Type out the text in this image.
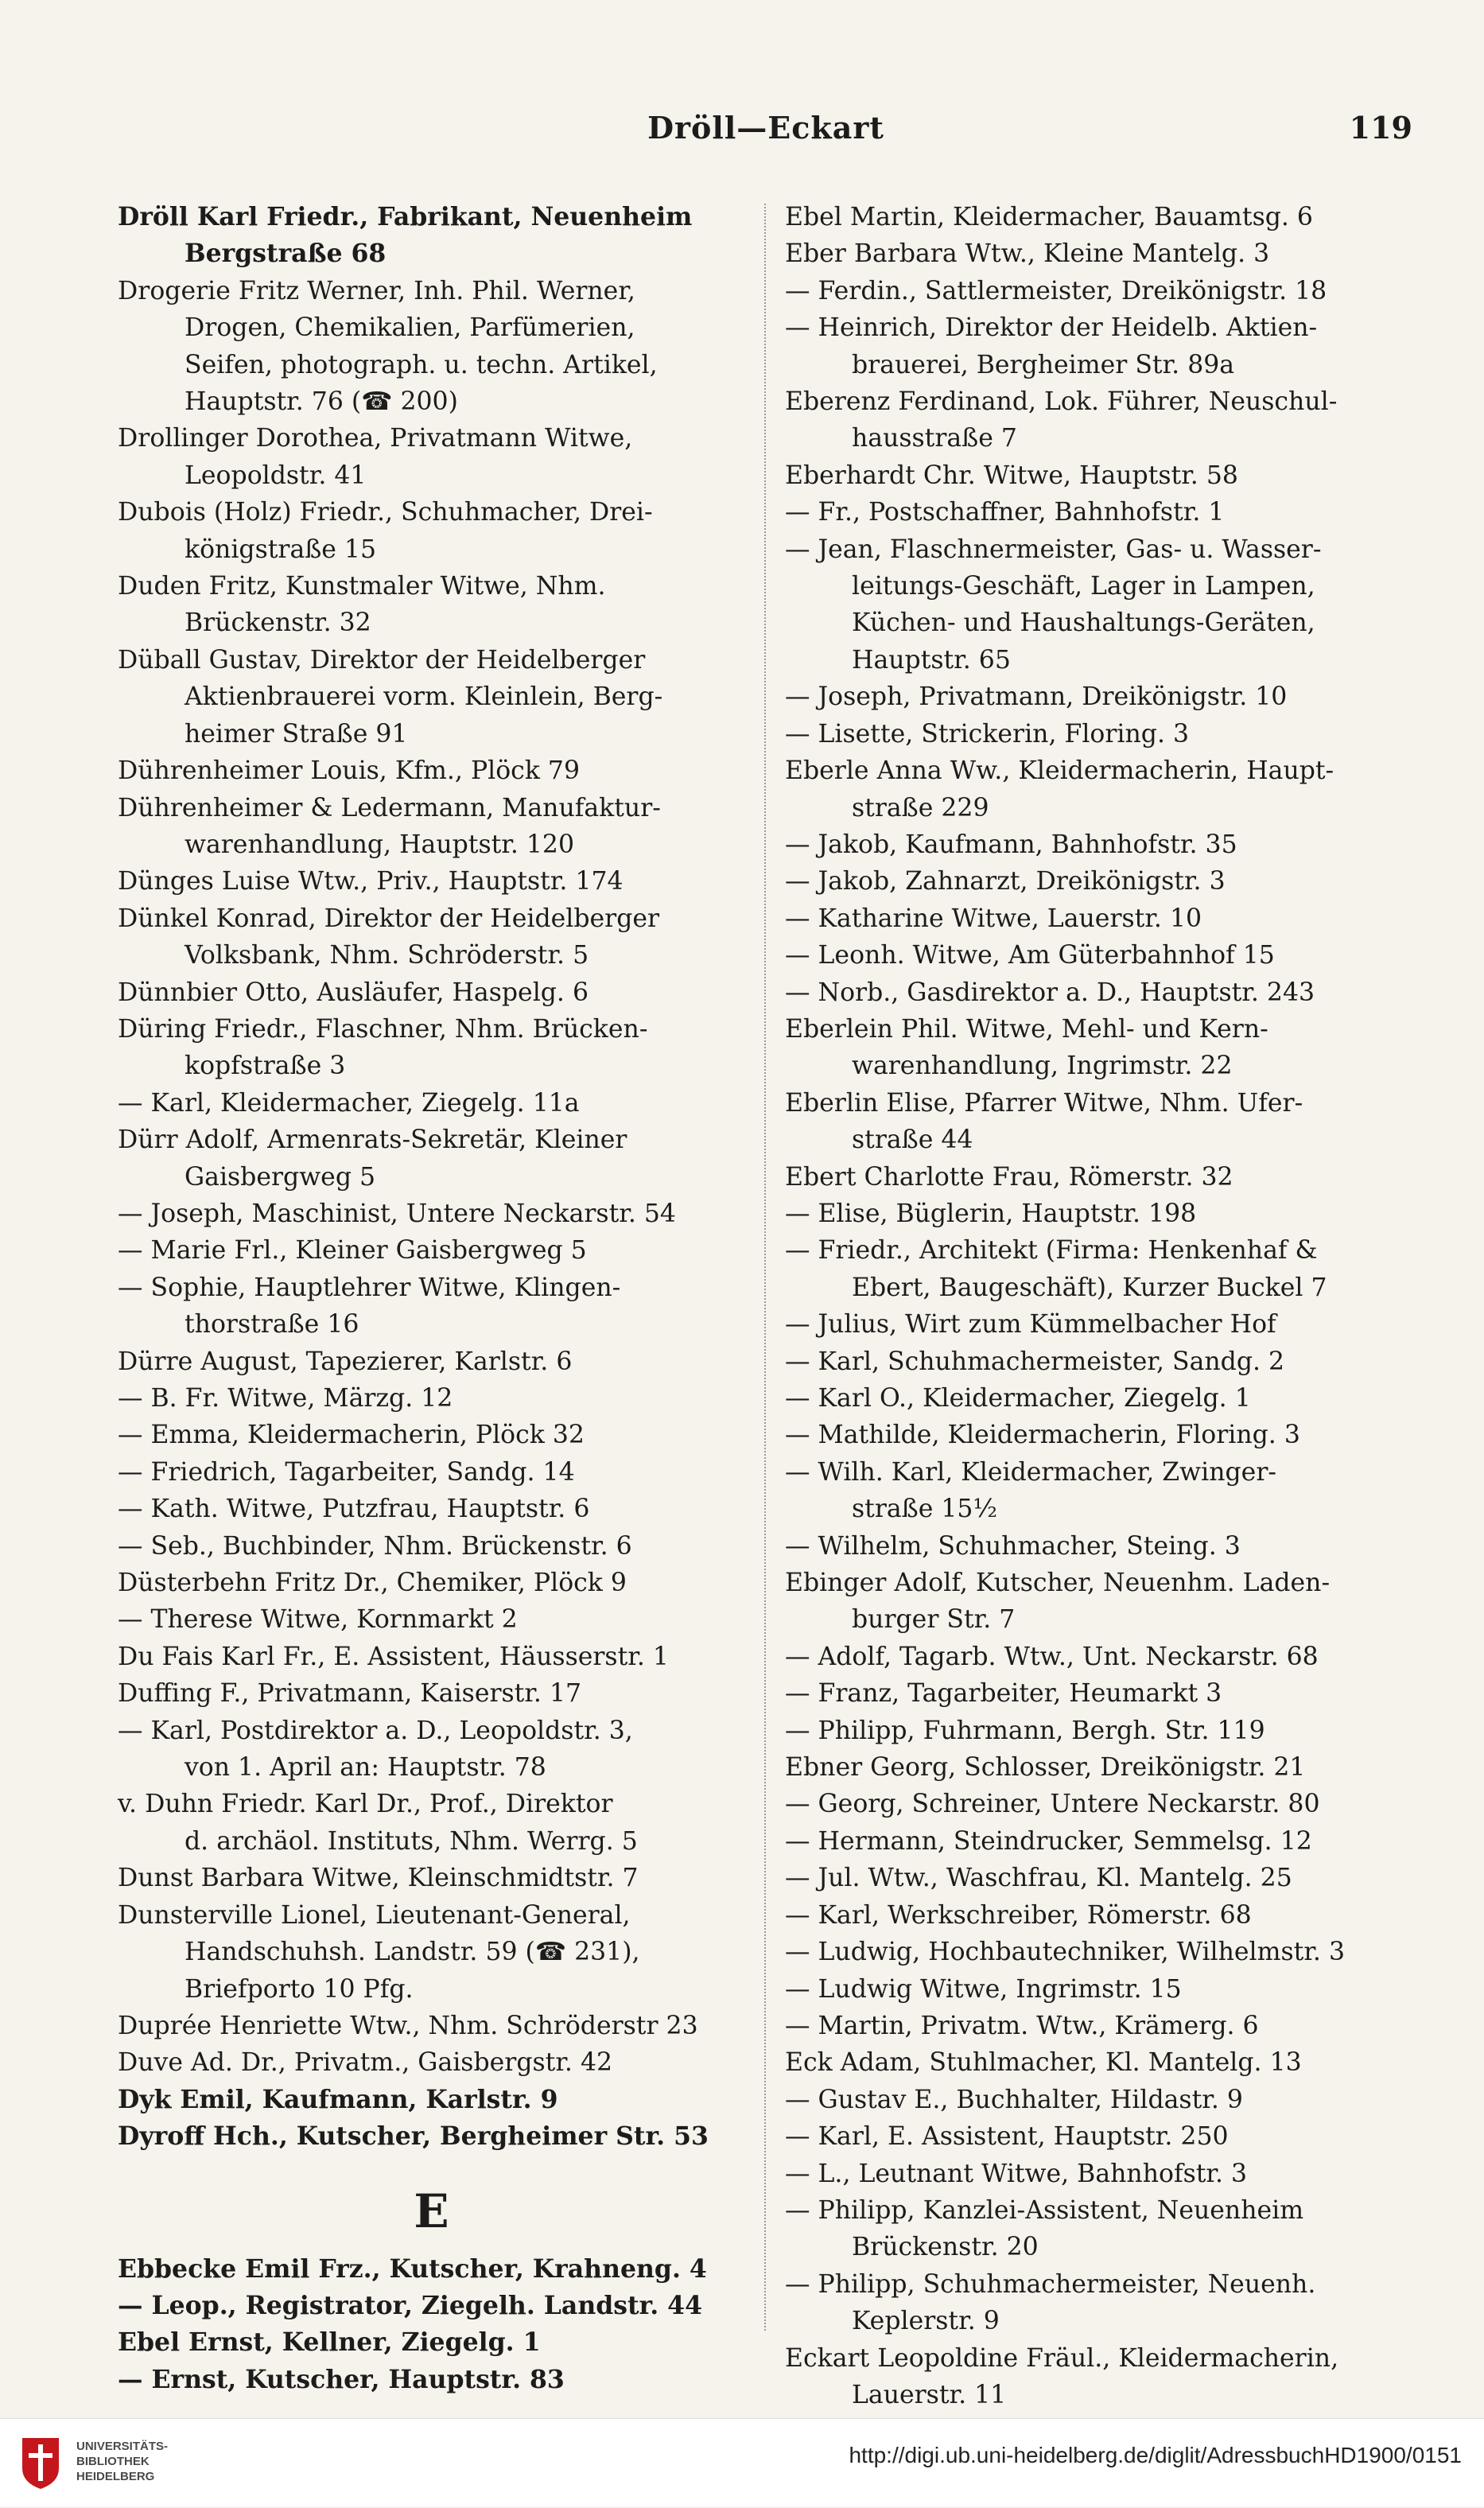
Dröll—Eckart	119
Dröll Karl Friedr., Fabrikant, Neuenheim
Bergstraße 68
Drogerie Fritz Werner, Inh. Phil. Werner,
Drogen, Chemikalien, Parfümerien,
Seifen, photograph. u. techn. Artikel,
Hauptstr. 76 (☎ 200)
Drollinger Dorothea, Privatmann Witwe,
Leopoldstr. 41
Dubois (Holz) Friedr., Schuhmacher, Drei-
königstraße 15
Duden Fritz, Kunstmaler Witwe, Nhm.
Brückenstr. 32
Düball Gustav, Direktor der Heidelberger
Aktienbrauerei vorm. Kleinlein, Berg-
heimer Straße 91
Dührenheimer Louis, Kfm., Plöck 79
Dührenheimer & Ledermann, Manufaktur-
warenhandlung, Hauptstr. 120
Dünges Luise Wtw., Priv., Hauptstr. 174
Dünkel Konrad, Direktor der Heidelberger
Volksbank, Nhm. Schröderstr. 5
Dünnbier Otto, Ausläufer, Haspelg. 6
Düring Friedr., Flaschner, Nhm. Brücken-
kopfstraße 3
— Karl, Kleidermacher, Ziegelg. 11a
Dürr Adolf, Armenrats-Sekretär, Kleiner
Gaisbergweg 5
— Joseph, Maschinist, Untere Neckarstr. 54
— Marie Frl., Kleiner Gaisbergweg 5
— Sophie, Hauptlehrer Witwe, Klingen-
thorstraße 16
Dürre August, Tapezierer, Karlstr. 6
— B. Fr. Witwe, Märzg. 12
— Emma, Kleidermacherin, Plöck 32
— Friedrich, Tagarbeiter, Sandg. 14
— Kath. Witwe, Putzfrau, Hauptstr. 6
— Seb., Buchbinder, Nhm. Brückenstr. 6
Düsterbehn Fritz Dr., Chemiker, Plöck 9
— Therese Witwe, Kornmarkt 2
Du Fais Karl Fr., E. Assistent, Häusserstr. 1
Duffing F., Privatmann, Kaiserstr. 17
— Karl, Postdirektor a. D., Leopoldstr. 3,
von 1. April an: Hauptstr. 78
v. Duhn Friedr. Karl Dr., Prof., Direktor
d. archäol. Instituts, Nhm. Werrg. 5
Dunst Barbara Witwe, Kleinschmidtstr. 7
Dunsterville Lionel, Lieutenant-General,
Handschuhsh. Landstr. 59 (☎ 231),
Briefporto 10 Pfg.
Duprée Henriette Wtw., Nhm. Schröderstr 23
Duve Ad. Dr., Privatm., Gaisbergstr. 42
Dyk Emil, Kaufmann, Karlstr. 9
Dyroff Hch., Kutscher, Bergheimer Str. 53
E
Ebbecke Emil Frz., Kutscher, Krahneng. 4
— Leop., Registrator, Ziegelh. Landstr. 44
Ebel Ernst, Kellner, Ziegelg. 1
— Ernst, Kutscher, Hauptstr. 83
Ebel Martin, Kleidermacher, Bauamtsg. 6
Eber Barbara Wtw., Kleine Mantelg. 3
— Ferdin., Sattlermeister, Dreikönigstr. 18
— Heinrich, Direktor der Heidelb. Aktien-
brauerei, Bergheimer Str. 89a
Eberenz Ferdinand, Lok. Führer, Neuschul-
hausstraße 7
Eberhardt Chr. Witwe, Hauptstr. 58
— Fr., Postschaffner, Bahnhofstr. 1
— Jean, Flaschnermeister, Gas- u. Wasser-
leitungs-Geschäft, Lager in Lampen,
Küchen- und Haushaltungs-Geräten,
Hauptstr. 65
— Joseph, Privatmann, Dreikönigstr. 10
— Lisette, Strickerin, Floring. 3
Eberle Anna Ww., Kleidermacherin, Haupt-
straße 229
— Jakob, Kaufmann, Bahnhofstr. 35
— Jakob, Zahnarzt, Dreikönigstr. 3
— Katharine Witwe, Lauerstr. 10
— Leonh. Witwe, Am Güterbahnhof 15
— Norb., Gasdirektor a. D., Hauptstr. 243
Eberlein Phil. Witwe, Mehl- und Kern-
warenhandlung, Ingrimstr. 22
Eberlin Elise, Pfarrer Witwe, Nhm. Ufer-
straße 44
Ebert Charlotte Frau, Römerstr. 32
— Elise, Büglerin, Hauptstr. 198
— Friedr., Architekt (Firma: Henkenhaf &
Ebert, Baugeschäft), Kurzer Buckel 7
— Julius, Wirt zum Kümmelbacher Hof
— Karl, Schuhmachermeister, Sandg. 2
— Karl O., Kleidermacher, Ziegelg. 1
— Mathilde, Kleidermacherin, Floring. 3
— Wilh. Karl, Kleidermacher, Zwinger-
straße 15½
— Wilhelm, Schuhmacher, Steing. 3
Ebinger Adolf, Kutscher, Neuenhm. Laden-
burger Str. 7
— Adolf, Tagarb. Wtw., Unt. Neckarstr. 68
— Franz, Tagarbeiter, Heumarkt 3
— Philipp, Fuhrmann, Bergh. Str. 119
Ebner Georg, Schlosser, Dreikönigstr. 21
— Georg, Schreiner, Untere Neckarstr. 80
— Hermann, Steindrucker, Semmelsg. 12
— Jul. Wtw., Waschfrau, Kl. Mantelg. 25
— Karl, Werkschreiber, Römerstr. 68
— Ludwig, Hochbautechniker, Wilhelmstr. 3
— Ludwig Witwe, Ingrimstr. 15
— Martin, Privatm. Wtw., Krämerg. 6
Eck Adam, Stuhlmacher, Kl. Mantelg. 13
— Gustav E., Buchhalter, Hildastr. 9
— Karl, E. Assistent, Hauptstr. 250
— L., Leutnant Witwe, Bahnhofstr. 3
— Philipp, Kanzlei-Assistent, Neuenheim
Brückenstr. 20
— Philipp, Schuhmachermeister, Neuenh.
Keplerstr. 9
Eckart Leopoldine Fräul., Kleidermacherin,
Lauerstr. 11
UNIVERSITÄTS-
BIBLIOTHEK
HEIDELBERG
http://digi.ub.uni-heidelberg.de/diglit/AdressbuchHD1900/0151
